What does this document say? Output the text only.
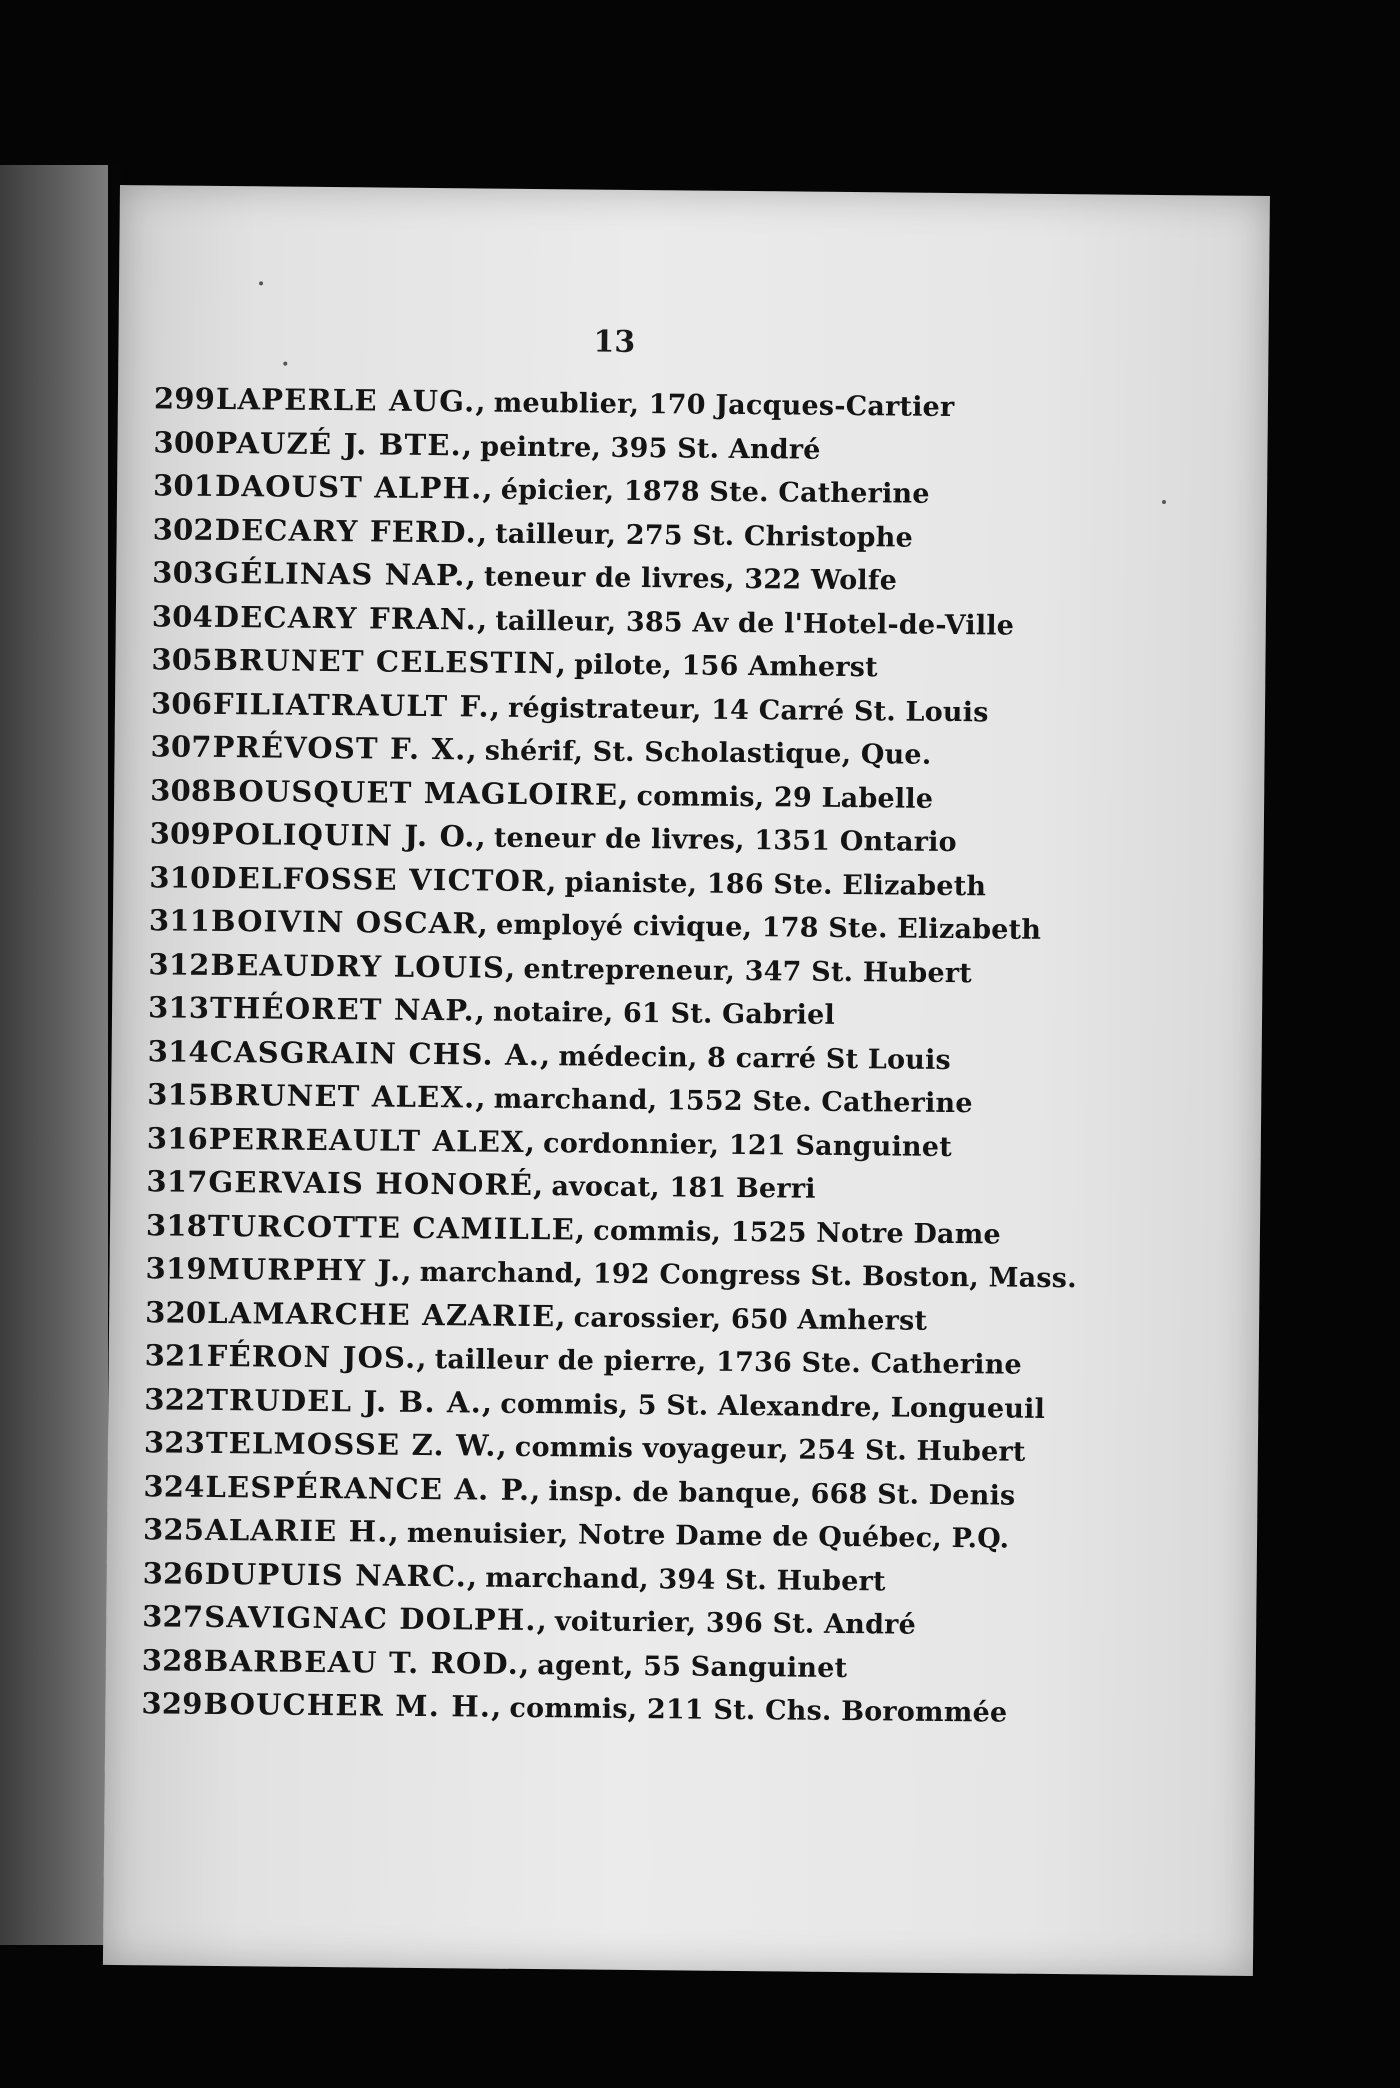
13
299 LAPERLE AUG. , meublier, 170 Jacques-Cartier
300 PAUZÉ J. BTE. , peintre, 395 St. André
301 DAOUST ALPH. , épicier, 1878 Ste. Catherine
302 DECARY FERD. , tailleur, 275 St. Christophe
303 GÉLINAS NAP. , teneur de livres, 322 Wolfe
304 DECARY FRAN. , tailleur, 385 Av de l'Hotel-de-Ville
305 BRUNET CELESTIN , pilote, 156 Amherst
306 FILIATRAULT F. , régistrateur, 14 Carré St. Louis
307 PRÉVOST F. X. , shérif, St. Scholastique, Que.
308 BOUSQUET MAGLOIRE , commis, 29 Labelle
309 POLIQUIN J. O. , teneur de livres, 1351 Ontario
310 DELFOSSE VICTOR , pianiste, 186 Ste. Elizabeth
311 BOIVIN OSCAR , employé civique, 178 Ste. Elizabeth
312 BEAUDRY LOUIS , entrepreneur, 347 St. Hubert
313 THÉORET NAP. , notaire, 61 St. Gabriel
314 CASGRAIN CHS. A. , médecin, 8 carré St Louis
315 BRUNET ALEX. , marchand, 1552 Ste. Catherine
316 PERREAULT ALEX , cordonnier, 121 Sanguinet
317 GERVAIS HONORÉ , avocat, 181 Berri
318 TURCOTTE CAMILLE , commis, 1525 Notre Dame
319 MURPHY J. , marchand, 192 Congress St. Boston, Mass.
320 LAMARCHE AZARIE , carossier, 650 Amherst
321 FÉRON JOS. , tailleur de pierre, 1736 Ste. Catherine
322 TRUDEL J. B. A. , commis, 5 St. Alexandre, Longueuil
323 TELMOSSE Z. W. , commis voyageur, 254 St. Hubert
324 LESPÉRANCE A. P. , insp. de banque, 668 St. Denis
325 ALARIE H. , menuisier, Notre Dame de Québec, P.Q.
326 DUPUIS NARC. , marchand, 394 St. Hubert
327 SAVIGNAC DOLPH. , voiturier, 396 St. André
328 BARBEAU T. ROD. , agent, 55 Sanguinet
329 BOUCHER M. H. , commis, 211 St. Chs. Borommée
